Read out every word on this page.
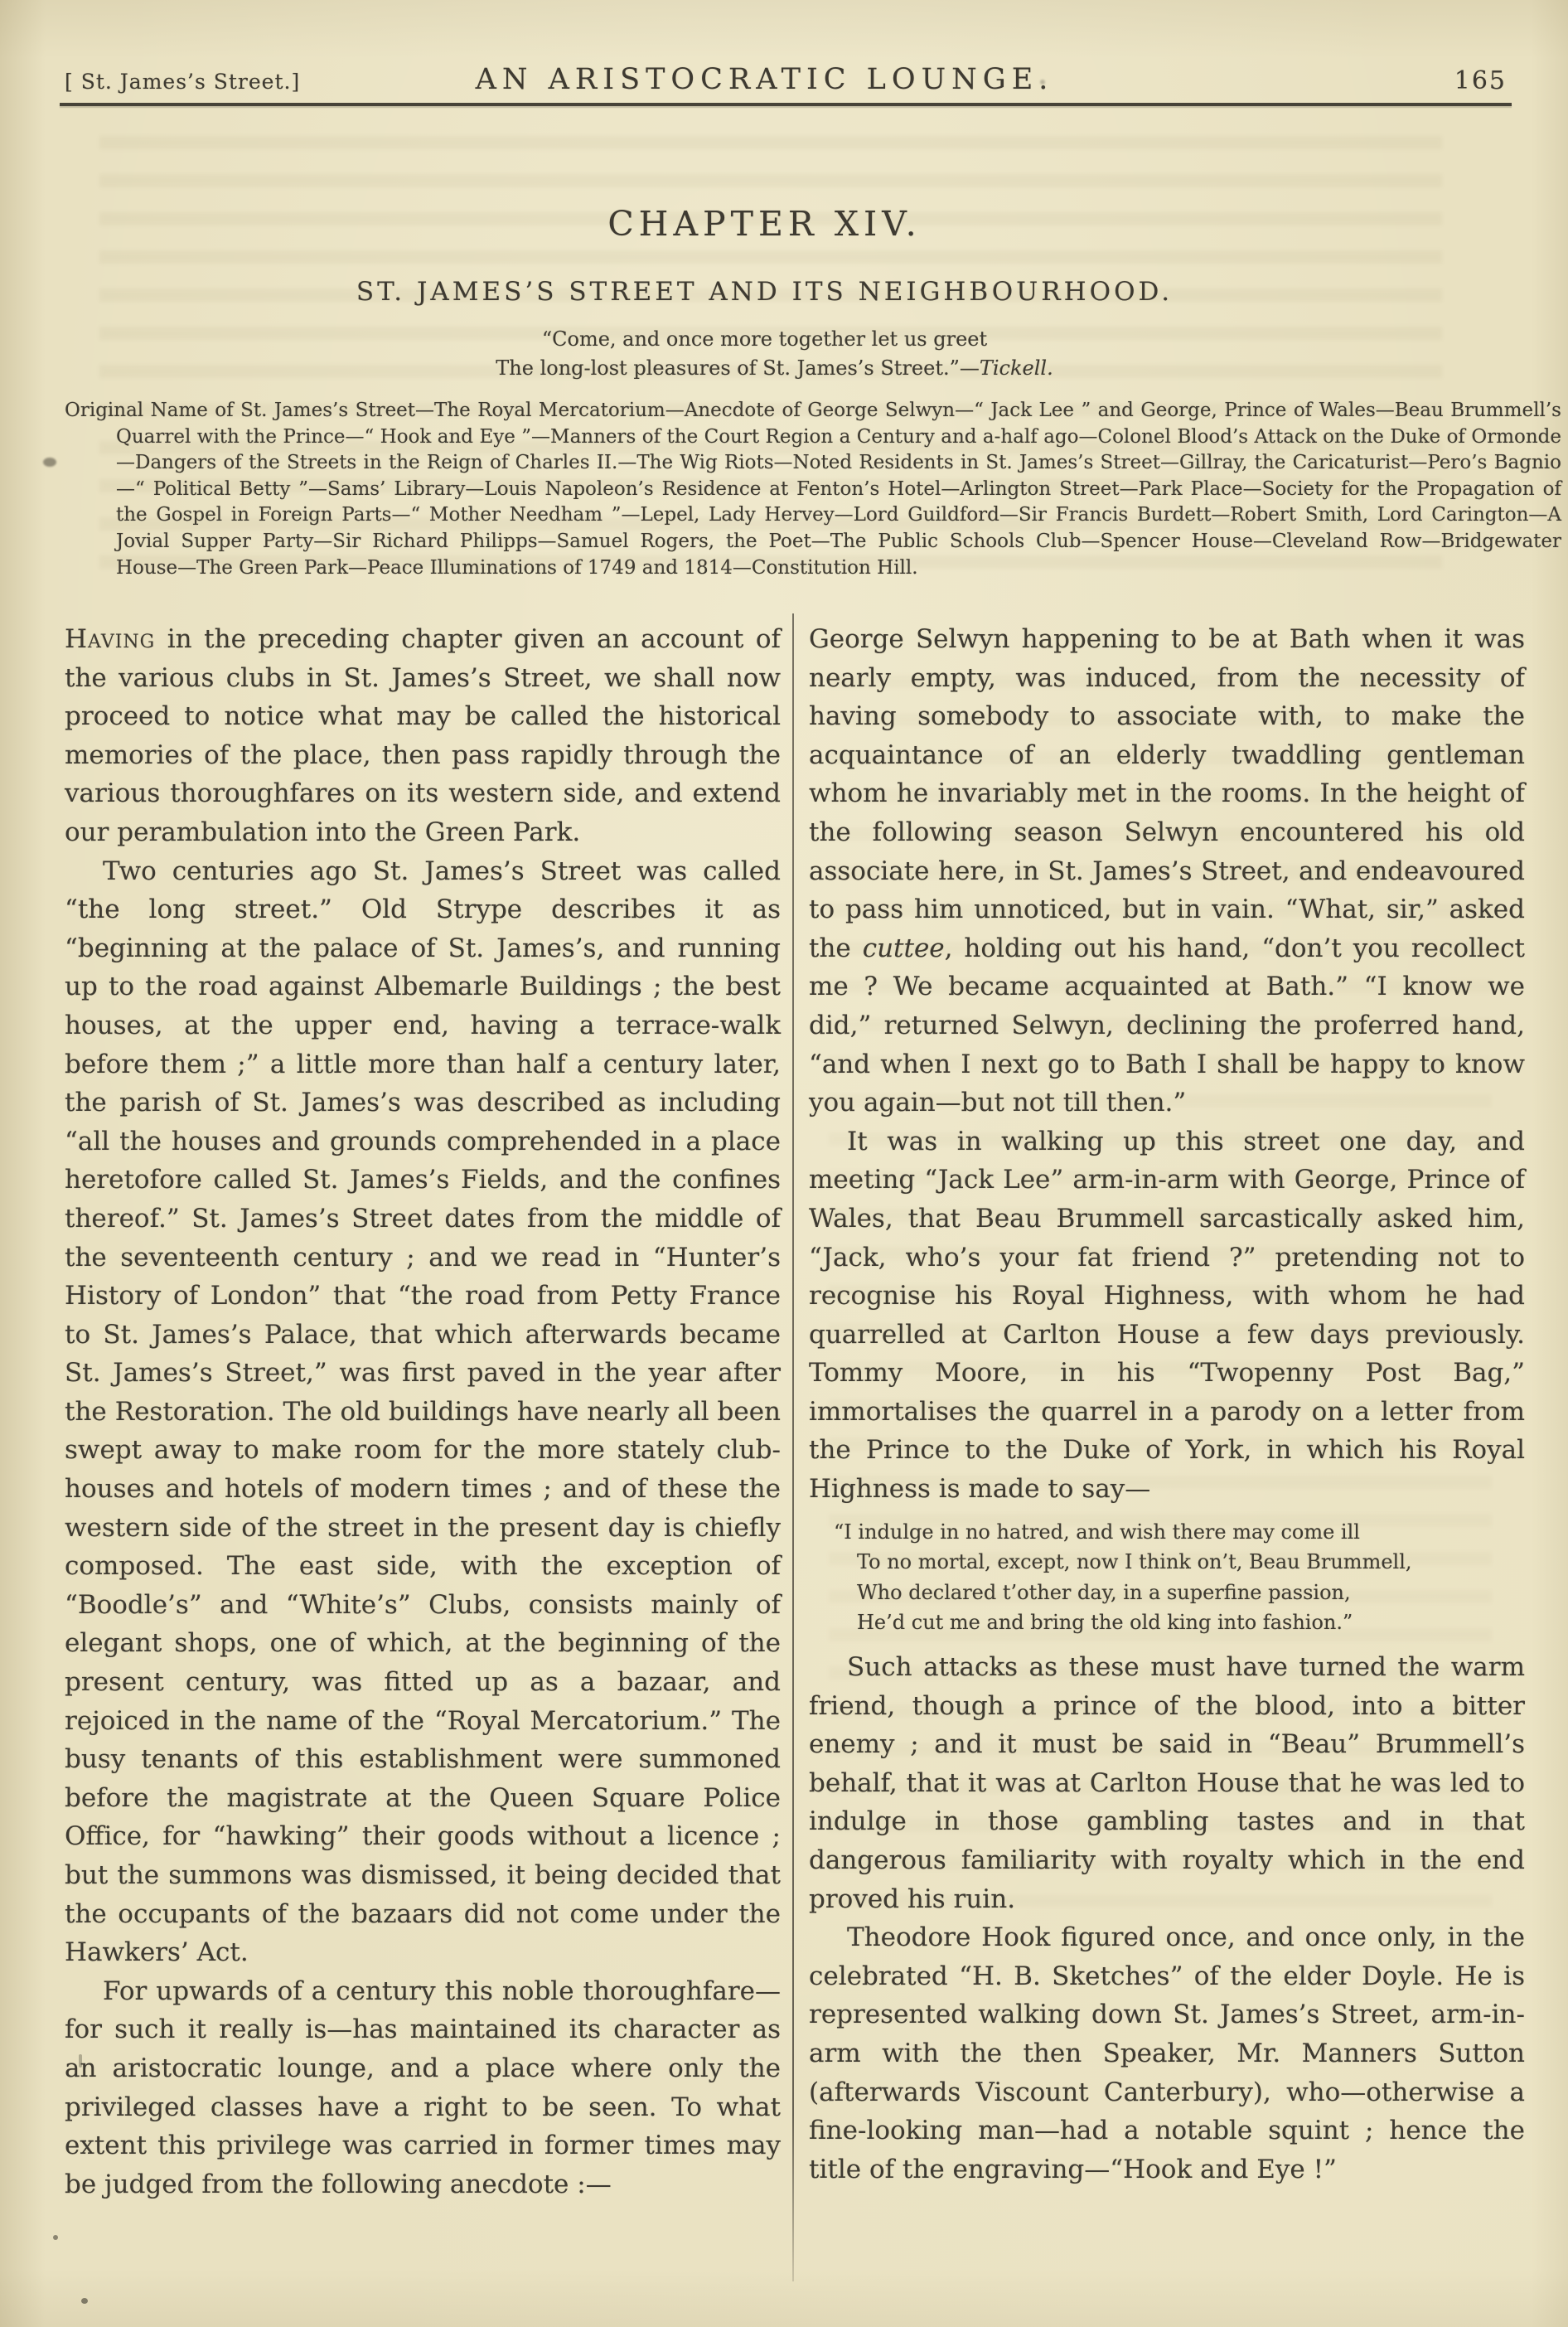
[ St. James’s Street.]	AN ARISTOCRATIC LOUNGE.	165
CHAPTER XIV.
ST. JAMES’S STREET AND ITS NEIGHBOURHOOD.
“Come, and once more together let us greet
The long-lost pleasures of St. James’s Street.”—Tickell.
Original Name of St. James’s Street—The Royal Mercatorium—Anecdote of George Selwyn—“ Jack Lee ” and George, Prince of Wales—Beau Brummell’s Quarrel with the Prince—“ Hook and Eye ”—Manners of the Court Region a Century and a-half ago—Colonel Blood’s Attack on the Duke of Ormonde—Dangers of the Streets in the Reign of Charles II.—The Wig Riots—Noted Residents in St. James’s Street—Gillray, the Caricaturist—Pero’s Bagnio—“ Political Betty ”—Sams’ Library—Louis Napoleon’s Residence at Fenton’s Hotel—Arlington Street—Park Place—Society for the Propagation of the Gospel in Foreign Parts—“ Mother Needham ”—Lepel, Lady Hervey—Lord Guildford—Sir Francis Burdett—Robert Smith, Lord Carington—A Jovial Supper Party—Sir Richard Philipps—Samuel Rogers, the Poet—The Public Schools Club—Spencer House—Cleveland Row—Bridgewater House—The Green Park—Peace Illuminations of 1749 and 1814—Constitution Hill.

Having in the preceding chapter given an account of the various clubs in St. James’s Street, we shall now proceed to notice what may be called the historical memories of the place, then pass rapidly through the various thoroughfares on its western side, and extend our perambulation into the Green Park.

Two centuries ago St. James’s Street was called “the long street.” Old Strype describes it as “beginning at the palace of St. James’s, and running up to the road against Albemarle Buildings ; the best houses, at the upper end, having a terrace-walk before them ;” a little more than half a century later, the parish of St. James’s was described as including “all the houses and grounds comprehended in a place heretofore called St. James’s Fields, and the confines thereof.” St. James’s Street dates from the middle of the seventeenth century ; and we read in “Hunter’s History of London” that “the road from Petty France to St. James’s Palace, that which afterwards became St. James’s Street,” was first paved in the year after the Restoration. The old buildings have nearly all been swept away to make room for the more stately club-houses and hotels of modern times ; and of these the western side of the street in the present day is chiefly composed. The east side, with the exception of “Boodle’s” and “White’s” Clubs, consists mainly of elegant shops, one of which, at the beginning of the present century, was fitted up as a bazaar, and rejoiced in the name of the “Royal Mercatorium.” The busy tenants of this establishment were summoned before the magistrate at the Queen Square Police Office, for “hawking” their goods without a licence ; but the summons was dismissed, it being decided that the occupants of the bazaars did not come under the Hawkers’ Act.

For upwards of a century this noble thoroughfare—for such it really is—has maintained its character as an aristocratic lounge, and a place where only the privileged classes have a right to be seen. To what extent this privilege was carried in former times may be judged from the following anecdote :—

George Selwyn happening to be at Bath when it was nearly empty, was induced, from the necessity of having somebody to associate with, to make the acquaintance of an elderly twaddling gentleman whom he invariably met in the rooms. In the height of the following season Selwyn encountered his old associate here, in St. James’s Street, and endeavoured to pass him unnoticed, but in vain. “What, sir,” asked the cuttee, holding out his hand, “don’t you recollect me ? We became acquainted at Bath.” “I know we did,” returned Selwyn, declining the proferred hand, “and when I next go to Bath I shall be happy to know you again—but not till then.”

It was in walking up this street one day, and meeting “Jack Lee” arm-in-arm with George, Prince of Wales, that Beau Brummell sarcastically asked him, “Jack, who’s your fat friend ?” pretending not to recognise his Royal Highness, with whom he had quarrelled at Carlton House a few days previously. Tommy Moore, in his “Twopenny Post Bag,” immortalises the quarrel in a parody on a letter from the Prince to the Duke of York, in which his Royal Highness is made to say—

“I indulge in no hatred, and wish there may come ill
To no mortal, except, now I think on’t, Beau Brummell,
Who declared t’other day, in a superfine passion,
He’d cut me and bring the old king into fashion.”

Such attacks as these must have turned the warm friend, though a prince of the blood, into a bitter enemy ; and it must be said in “Beau” Brummell’s behalf, that it was at Carlton House that he was led to indulge in those gambling tastes and in that dangerous familiarity with royalty which in the end proved his ruin.

Theodore Hook figured once, and once only, in the celebrated “H. B. Sketches” of the elder Doyle. He is represented walking down St. James’s Street, arm-in-arm with the then Speaker, Mr. Manners Sutton (afterwards Viscount Canterbury), who—otherwise a fine-looking man—had a notable squint ; hence the title of the engraving—“Hook and Eye !”
